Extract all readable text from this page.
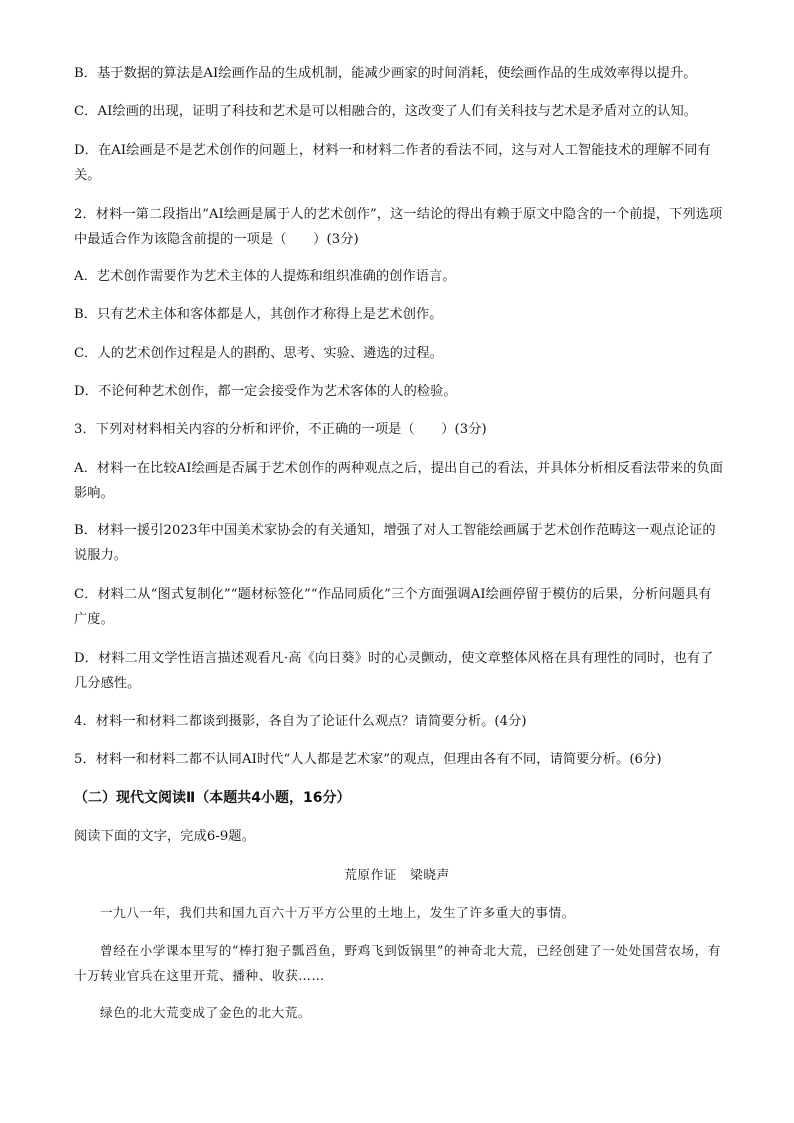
B．基于数据的算法是AI绘画作品的生成机制，能减少画家的时间消耗，使绘画作品的生成效率得以提升。
C．AI绘画的出现，证明了科技和艺术是可以相融合的，这改变了人们有关科技与艺术是矛盾对立的认知。
D．在AI绘画是不是艺术创作的问题上，材料一和材料二作者的看法不同，这与对人工智能技术的理解不同有关。
2．材料一第二段指出“AI绘画是属于人的艺术创作”，这一结论的得出有赖于原文中隐含的一个前提，下列选项中最适合作为该隐含前提的一项是（　　）(3分)
A．艺术创作需要作为艺术主体的人提炼和组织准确的创作语言。
B．只有艺术主体和客体都是人，其创作才称得上是艺术创作。
C．人的艺术创作过程是人的斟酌、思考、实验、遴选的过程。
D．不论何种艺术创作，都一定会接受作为艺术客体的人的检验。
3．下列对材料相关内容的分析和评价，不正确的一项是（　　）(3分)
A．材料一在比较AI绘画是否属于艺术创作的两种观点之后，提出自己的看法，并具体分析相反看法带来的负面影响。
B．材料一援引2023年中国美术家协会的有关通知，增强了对人工智能绘画属于艺术创作范畴这一观点论证的说服力。
C．材料二从“图式复制化”“题材标签化”“作品同质化”三个方面强调AI绘画停留于模仿的后果，分析问题具有广度。
D．材料二用文学性语言描述观看凡·高《向日葵》时的心灵颤动，使文章整体风格在具有理性的同时，也有了几分感性。
4．材料一和材料二都谈到摄影，各自为了论证什么观点？请简要分析。(4分)
5．材料一和材料二都不认同AI时代“人人都是艺术家”的观点，但理由各有不同，请简要分析。(6分)
（二）现代文阅读Ⅱ（本题共4小题，16分）
阅读下面的文字，完成6-9题。
荒原作证　梁晓声
一九八一年，我们共和国九百六十万平方公里的土地上，发生了许多重大的事情。
曾经在小学课本里写的“棒打狍子瓢舀鱼，野鸡飞到饭锅里”的神奇北大荒，已经创建了一处处国营农场，有十万转业官兵在这里开荒、播种、收获……
绿色的北大荒变成了金色的北大荒。
